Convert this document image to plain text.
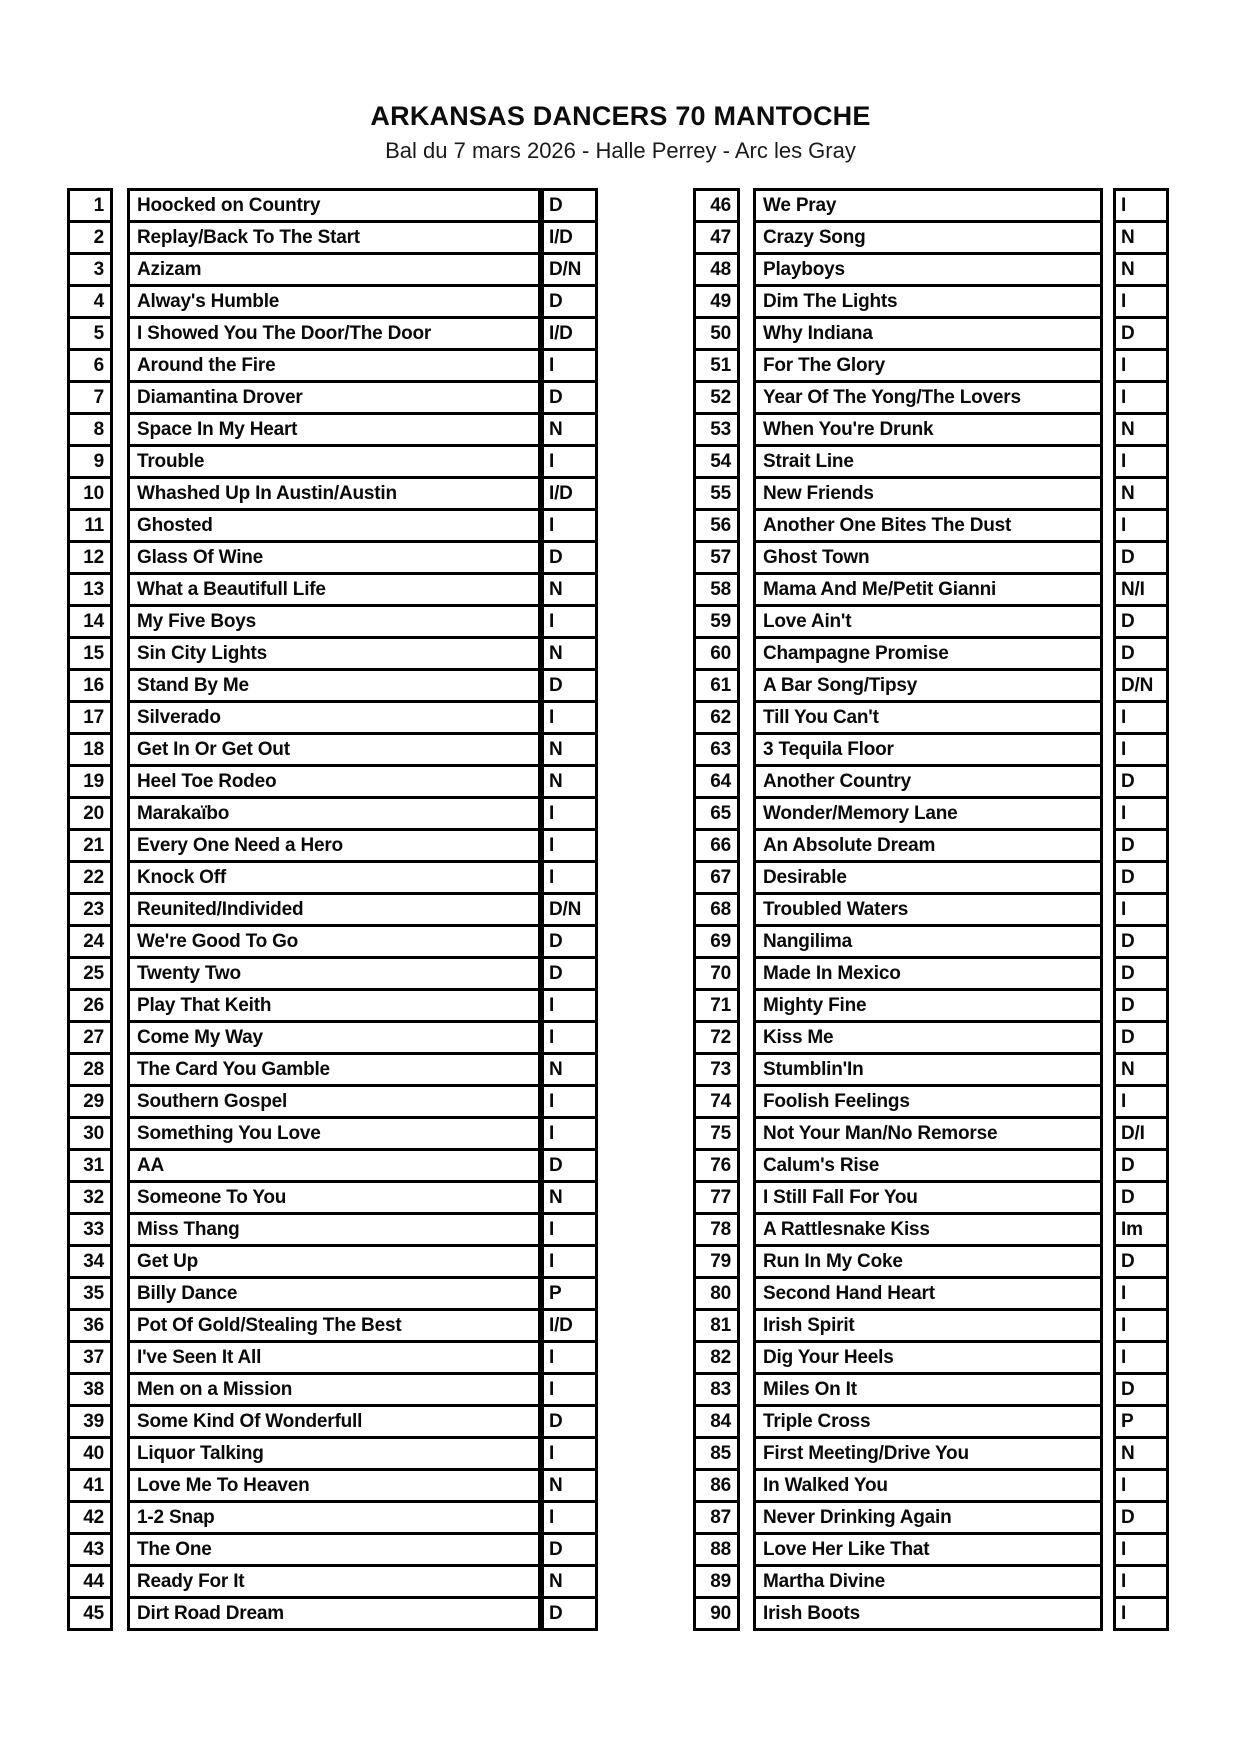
ARKANSAS DANCERS 70 MANTOCHE
Bal du 7 mars 2026 - Halle Perrey - Arc les Gray
1
2
3
4
5
6
7
8
9
10
11
12
13
14
15
16
17
18
19
20
21
22
23
24
25
26
27
28
29
30
31
32
33
34
35
36
37
38
39
40
41
42
43
44
45
Hoocked on Country
Replay/Back To The Start
Azizam
Alway's Humble
I Showed You The Door/The Door
Around the Fire
Diamantina Drover
Space In My Heart
Trouble
Whashed Up In Austin/Austin
Ghosted
Glass Of Wine
What a Beautifull Life
My Five Boys
Sin City Lights
Stand By Me
Silverado
Get In Or Get Out
Heel Toe Rodeo
Marakaïbo
Every One Need a Hero
Knock Off
Reunited/Individed
We're Good To Go
Twenty Two
Play That Keith
Come My Way
The Card You Gamble
Southern Gospel
Something You Love
AA
Someone To You
Miss Thang
Get Up
Billy Dance
Pot Of Gold/Stealing The Best
I've Seen It All
Men on a Mission
Some Kind Of Wonderfull
Liquor Talking
Love Me To Heaven
1-2 Snap
The One
Ready For It
Dirt Road Dream
D
I/D
D/N
D
I/D
I
D
N
I
I/D
I
D
N
I
N
D
I
N
N
I
I
I
D/N
D
D
I
I
N
I
I
D
N
I
I
P
I/D
I
I
D
I
N
I
D
N
D
46
47
48
49
50
51
52
53
54
55
56
57
58
59
60
61
62
63
64
65
66
67
68
69
70
71
72
73
74
75
76
77
78
79
80
81
82
83
84
85
86
87
88
89
90
We Pray
Crazy Song
Playboys
Dim The Lights
Why Indiana
For The Glory
Year Of The Yong/The Lovers
When You're Drunk
Strait Line
New Friends
Another One Bites The Dust
Ghost Town
Mama And Me/Petit Gianni
Love Ain't
Champagne Promise
A Bar Song/Tipsy
Till You Can't
3 Tequila Floor
Another Country
Wonder/Memory Lane
An Absolute Dream
Desirable
Troubled Waters
Nangilima
Made In Mexico
Mighty Fine
Kiss Me
Stumblin'In
Foolish Feelings
Not Your Man/No Remorse
Calum's Rise
I Still Fall For You
A Rattlesnake Kiss
Run In My Coke
Second Hand Heart
Irish Spirit
Dig Your Heels
Miles On It
Triple Cross
First Meeting/Drive You
In Walked You
Never Drinking Again
Love Her Like That
Martha Divine
Irish Boots
I
N
N
I
D
I
I
N
I
N
I
D
N/I
D
D
D/N
I
I
D
I
D
D
I
D
D
D
D
N
I
D/I
D
D
Im
D
I
I
I
D
P
N
I
D
I
I
I
